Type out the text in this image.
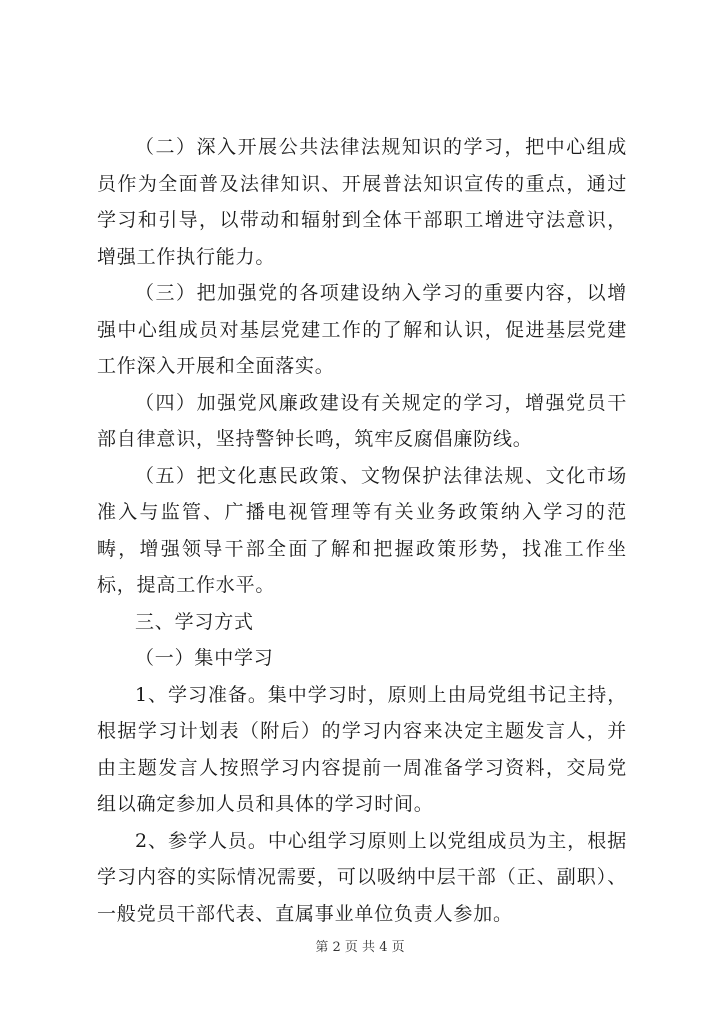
（二）深入开展公共法律法规知识的学习，把中心组成员作为全面普及法律知识、开展普法知识宣传的重点，通过学习和引导，以带动和辐射到全体干部职工增进守法意识，增强工作执行能力。

（三）把加强党的各项建设纳入学习的重要内容，以增强中心组成员对基层党建工作的了解和认识，促进基层党建工作深入开展和全面落实。

（四）加强党风廉政建设有关规定的学习，增强党员干部自律意识，坚持警钟长鸣，筑牢反腐倡廉防线。

（五）把文化惠民政策、文物保护法律法规、文化市场准入与监管、广播电视管理等有关业务政策纳入学习的范畴，增强领导干部全面了解和把握政策形势，找准工作坐标，提高工作水平。

三、学习方式

（一）集中学习

1、学习准备。集中学习时，原则上由局党组书记主持，根据学习计划表（附后）的学习内容来决定主题发言人，并由主题发言人按照学习内容提前一周准备学习资料，交局党组以确定参加人员和具体的学习时间。

2、参学人员。中心组学习原则上以党组成员为主，根据学习内容的实际情况需要，可以吸纳中层干部（正、副职）、一般党员干部代表、直属事业单位负责人参加。

第 2 页 共 4 页
